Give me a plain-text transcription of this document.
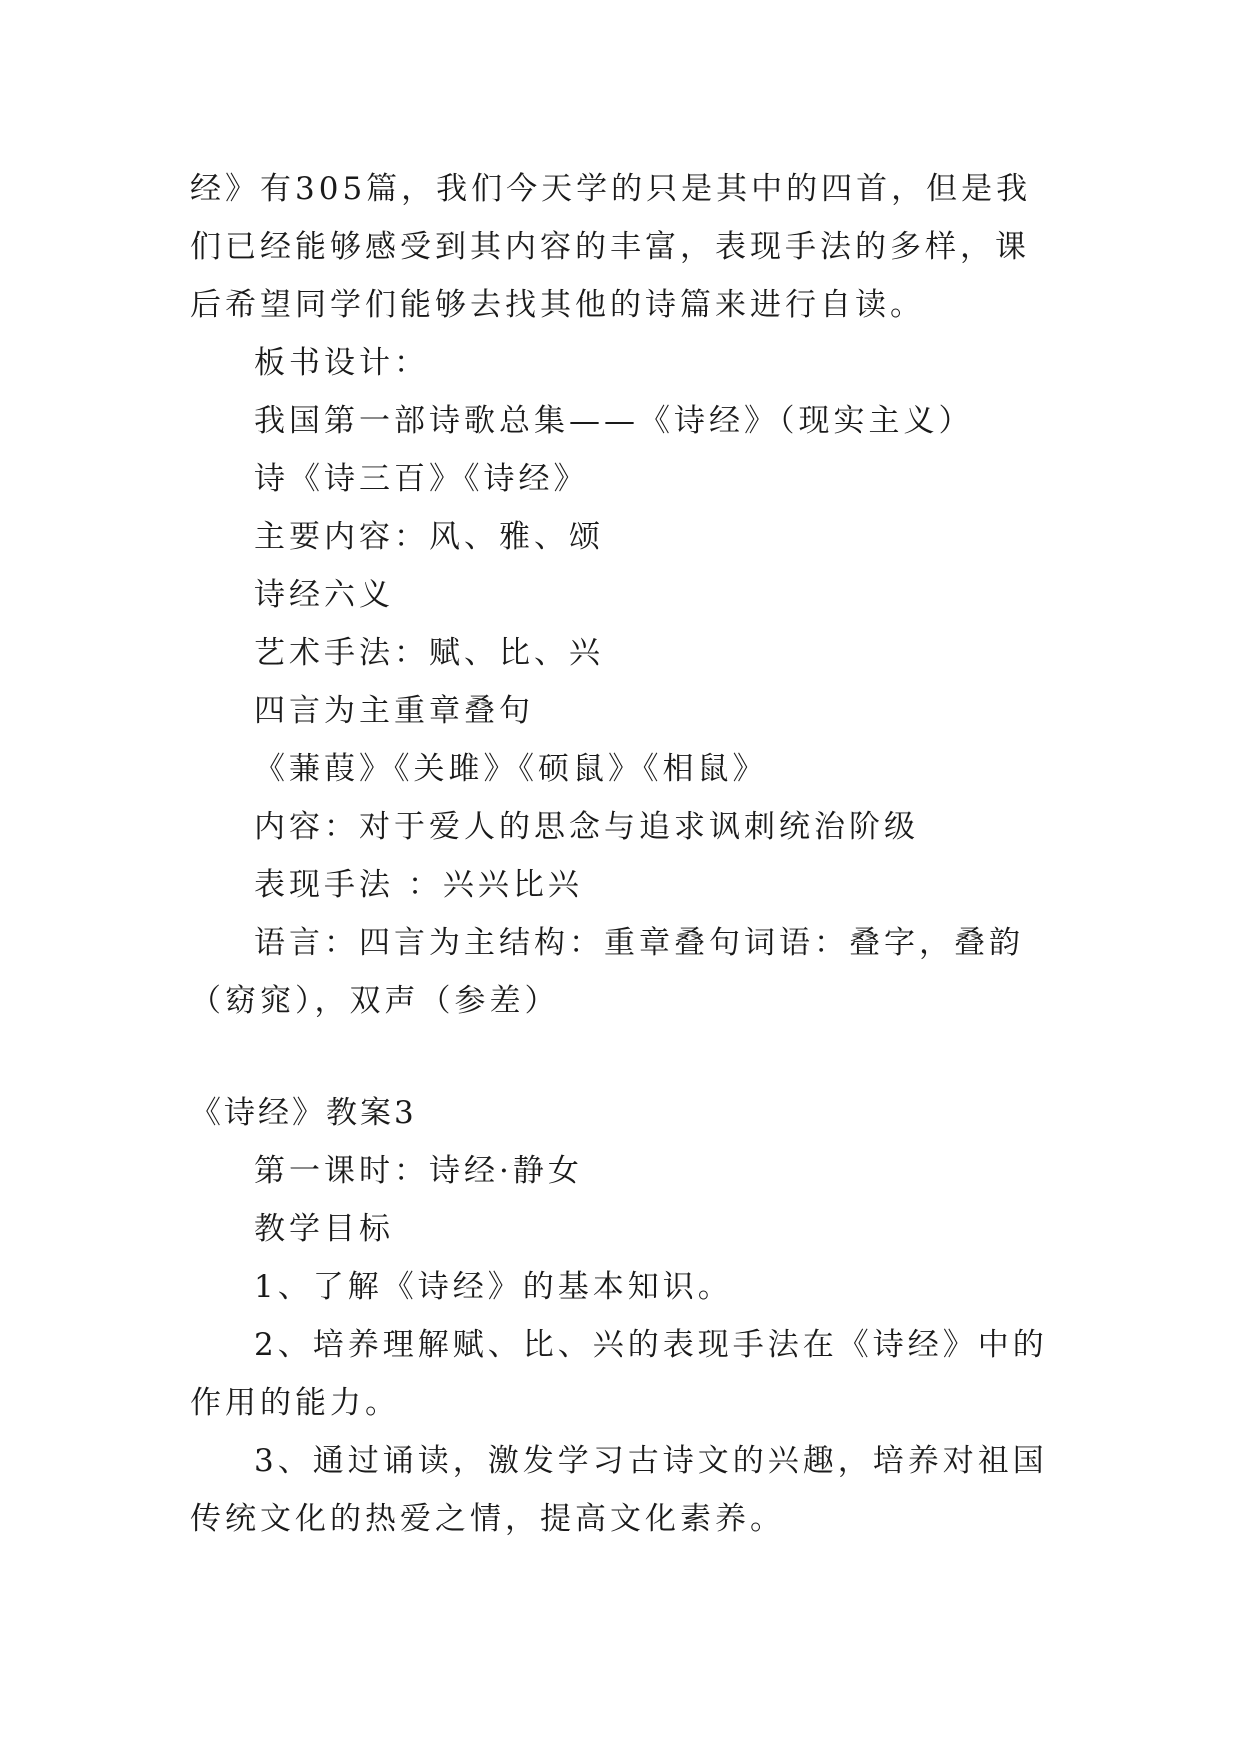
经》有305篇，我们今天学的只是其中的四首，但是我们已经能够感受到其内容的丰富，表现手法的多样，课后希望同学们能够去找其他的诗篇来进行自读。
板书设计：
我国第一部诗歌总集——《诗经》（现实主义）
诗《诗三百》《诗经》
主要内容：风、雅、颂
诗经六义
艺术手法：赋、比、兴
四言为主重章叠句
《蒹葭》《关雎》《硕鼠》《相鼠》
内容：对于爱人的思念与追求讽刺统治阶级
表现手法 ：兴兴比兴
语言：四言为主结构：重章叠句词语：叠字，叠韵（窈窕），双声（参差）
《诗经》教案3
第一课时：诗经·静女
教学目标
1、了解《诗经》的基本知识。
2、培养理解赋、比、兴的表现手法在《诗经》中的作用的能力。
3、通过诵读，激发学习古诗文的兴趣，培养对祖国传统文化的热爱之情，提高文化素养。
